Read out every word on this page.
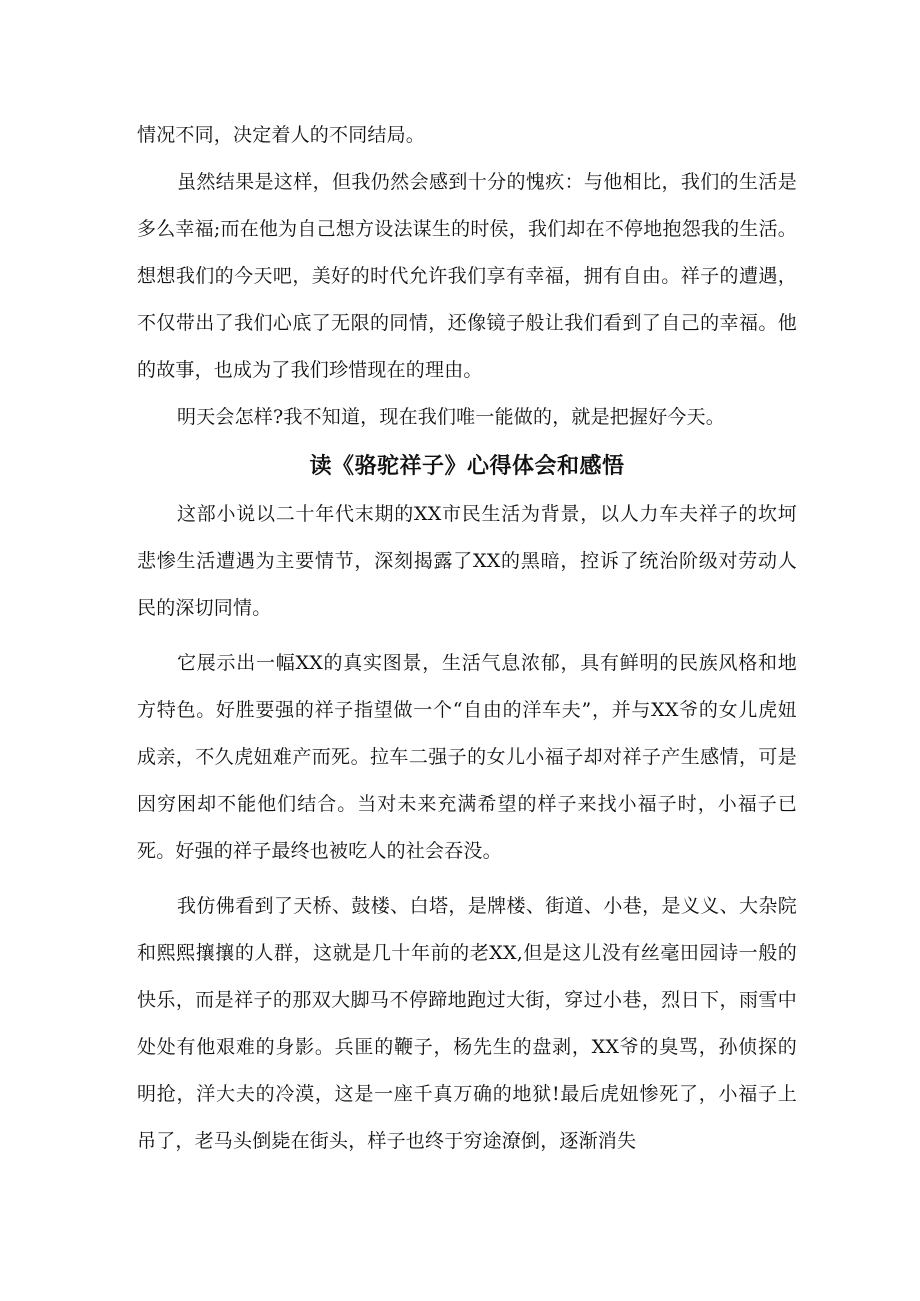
情况不同，决定着人的不同结局。

虽然结果是这样，但我仍然会感到十分的愧疚：与他相比，我们的生活是多么幸福;而在他为自己想方设法谋生的时侯，我们却在不停地抱怨我的生活。想想我们的今天吧，美好的时代允许我们享有幸福，拥有自由。祥子的遭遇，不仅带出了我们心底了无限的同情，还像镜子般让我们看到了自己的幸福。他的故事，也成为了我们珍惜现在的理由。

明天会怎样?我不知道，现在我们唯一能做的，就是把握好今天。

读《骆驼祥子》心得体会和感悟

这部小说以二十年代末期的XX市民生活为背景，以人力车夫祥子的坎坷悲惨生活遭遇为主要情节，深刻揭露了XX的黑暗，控诉了统治阶级对劳动人民的深切同情。

它展示出一幅XX的真实图景，生活气息浓郁，具有鲜明的民族风格和地方特色。好胜要强的祥子指望做一个“自由的洋车夫”，并与XX爷的女儿虎妞成亲，不久虎妞难产而死。拉车二强子的女儿小福子却对祥子产生感情，可是因穷困却不能他们结合。当对未来充满希望的样子来找小福子时，小福子已死。好强的祥子最终也被吃人的社会吞没。

我仿佛看到了天桥、鼓楼、白塔，是牌楼、街道、小巷，是义义、大杂院和熙熙攘攘的人群，这就是几十年前的老XX,但是这儿没有丝毫田园诗一般的快乐，而是祥子的那双大脚马不停蹄地跑过大街，穿过小巷，烈日下，雨雪中处处有他艰难的身影。兵匪的鞭子，杨先生的盘剥，XX爷的臭骂，孙侦探的明抢，洋大夫的冷漠，这是一座千真万确的地狱!最后虎妞惨死了，小福子上吊了，老马头倒毙在街头，样子也终于穷途潦倒，逐渐消失
